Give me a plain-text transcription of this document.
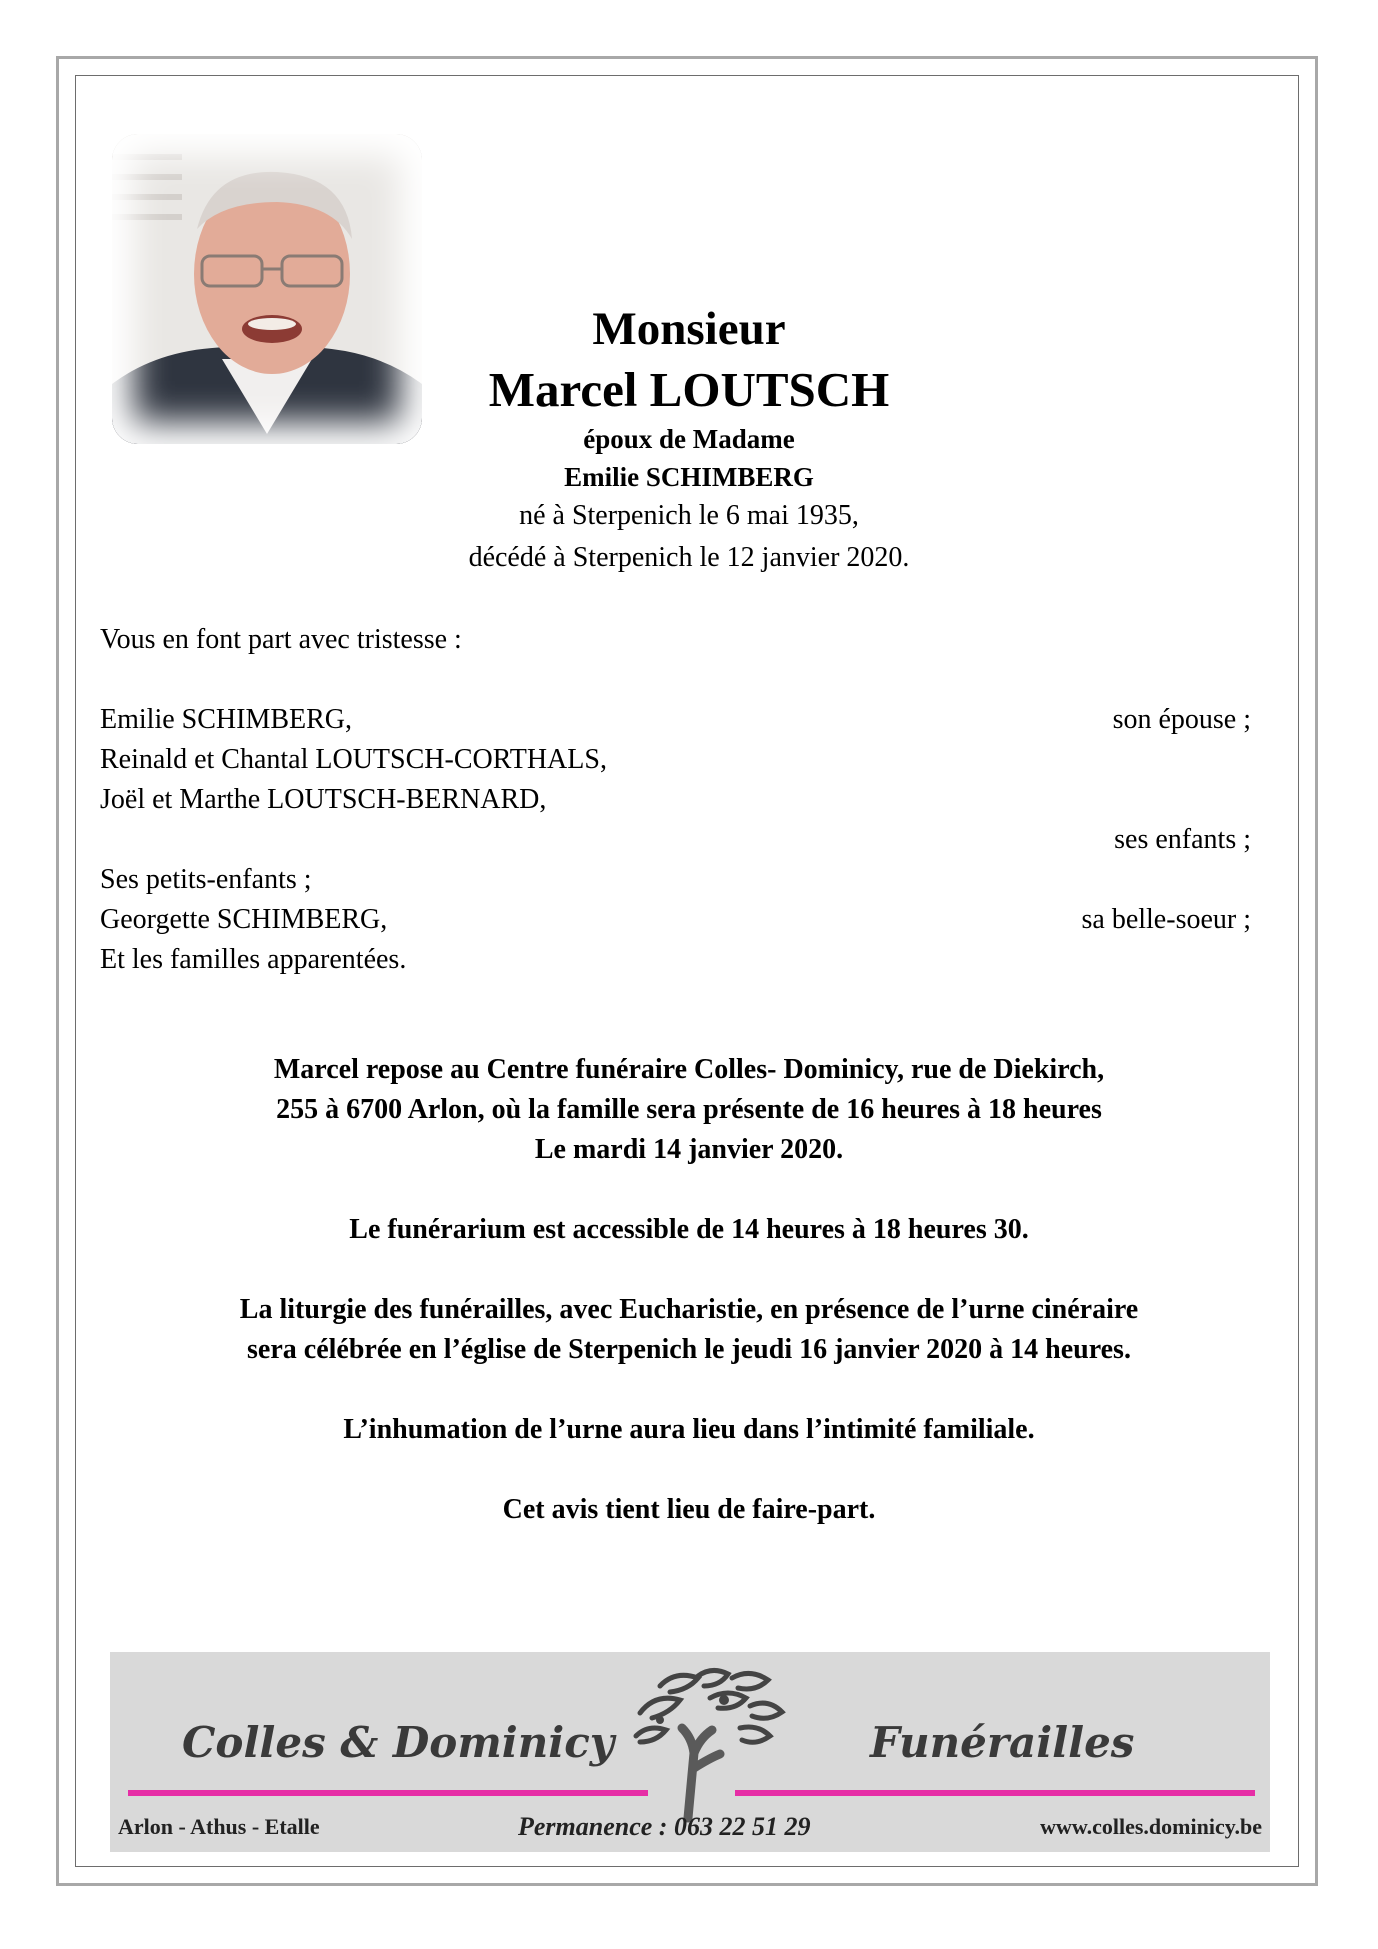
Monsieur
Marcel LOUTSCH
époux de Madame
Emilie SCHIMBERG
né à Sterpenich le 6 mai 1935,
décédé à Sterpenich le 12 janvier 2020.
Vous en font part avec tristesse :
Emilie SCHIMBERG,	son épouse ;
Reinald et Chantal LOUTSCH-CORTHALS,
Joël et Marthe LOUTSCH-BERNARD,
ses enfants ;
Ses petits-enfants ;
Georgette SCHIMBERG,	sa belle-soeur ;
Et les familles apparentées.
Marcel repose au Centre funéraire Colles- Dominicy, rue de Diekirch,
255 à 6700 Arlon, où la famille sera présente de 16 heures à 18 heures
Le mardi 14 janvier 2020.
Le funérarium est accessible de 14 heures à 18 heures 30.
La liturgie des funérailles, avec Eucharistie, en présence de l’urne cinéraire
sera célébrée en l’église de Sterpenich le jeudi 16 janvier 2020 à 14 heures.
L’inhumation de l’urne aura lieu dans l’intimité familiale.
Cet avis tient lieu de faire-part.
Colles & Dominicy	Funérailles
Arlon - Athus - Etalle	Permanence : 063 22 51 29	www.colles.dominicy.be
